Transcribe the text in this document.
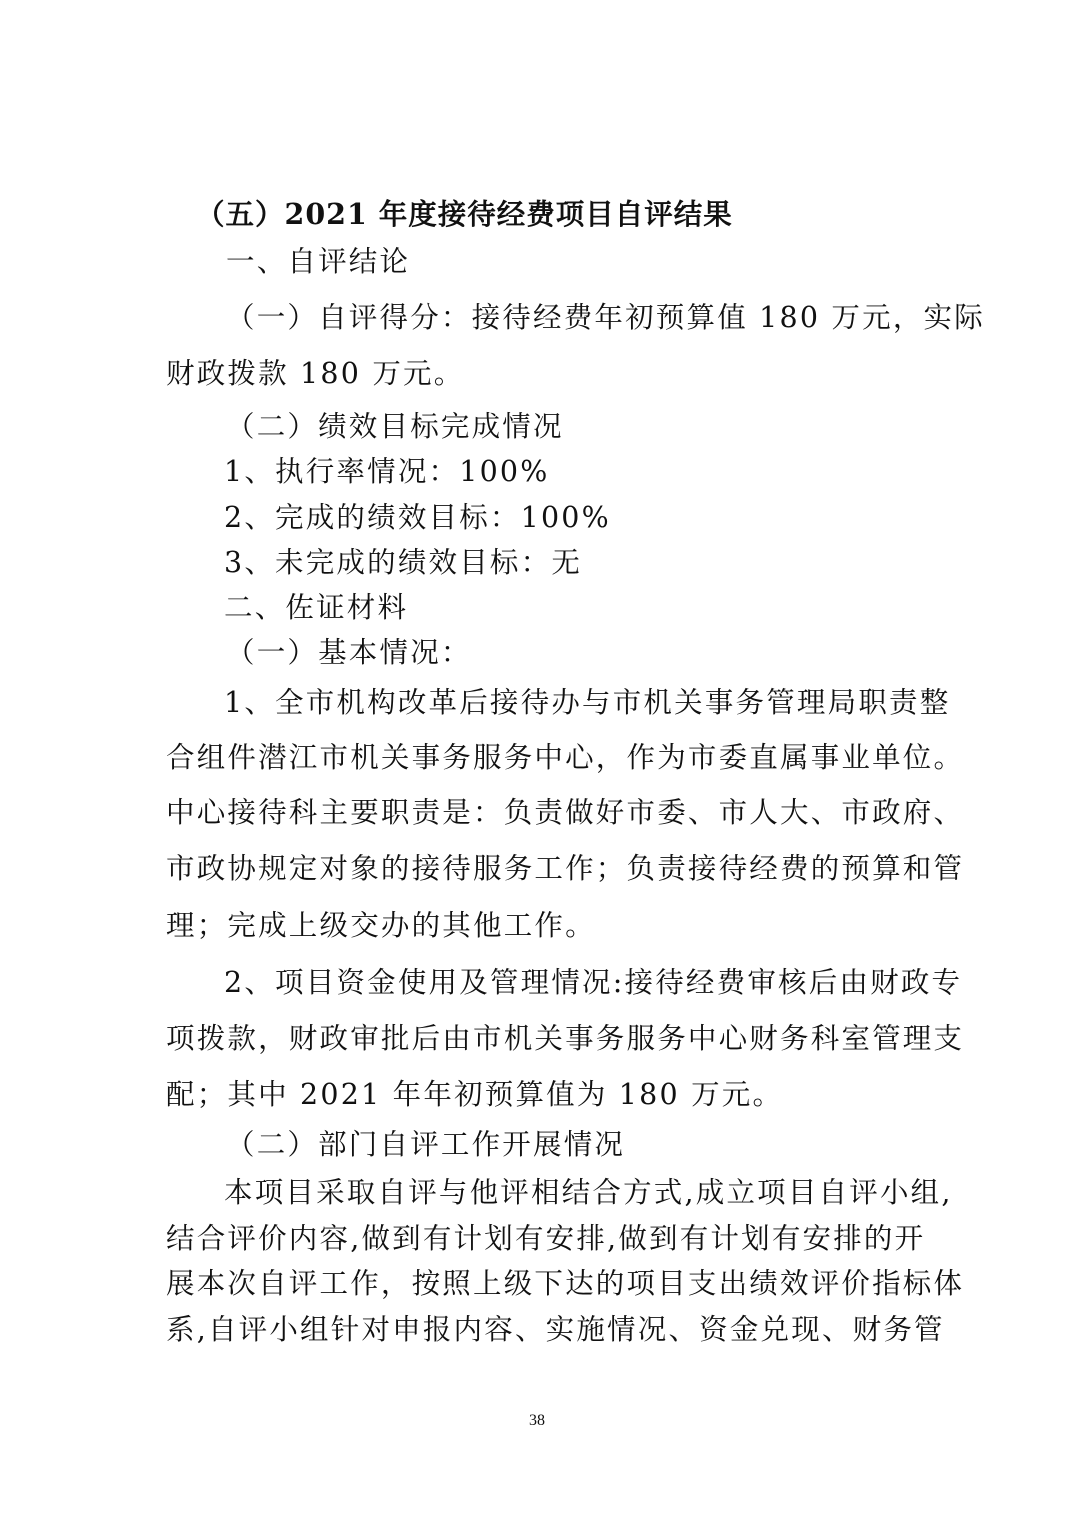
（五）2021 年度接待经费项目自评结果
一、自评结论
（一）自评得分：接待经费年初预算值 180 万元，实际
财政拨款 180 万元。
（二）绩效目标完成情况
1、执行率情况：100%
2、完成的绩效目标：100%
3、未完成的绩效目标：无
二、佐证材料
（一）基本情况：
1、全市机构改革后接待办与市机关事务管理局职责整
合组件潜江市机关事务服务中心，作为市委直属事业单位。
中心接待科主要职责是：负责做好市委、市人大、市政府、
市政协规定对象的接待服务工作；负责接待经费的预算和管
理；完成上级交办的其他工作。
2、项目资金使用及管理情况:接待经费审核后由财政专
项拨款，财政审批后由市机关事务服务中心财务科室管理支
配；其中 2021 年年初预算值为 180 万元。
（二）部门自评工作开展情况
本项目采取自评与他评相结合方式,成立项目自评小组,
结合评价内容,做到有计划有安排,做到有计划有安排的开
展本次自评工作，按照上级下达的项目支出绩效评价指标体
系,自评小组针对申报内容、实施情况、资金兑现、财务管
38
